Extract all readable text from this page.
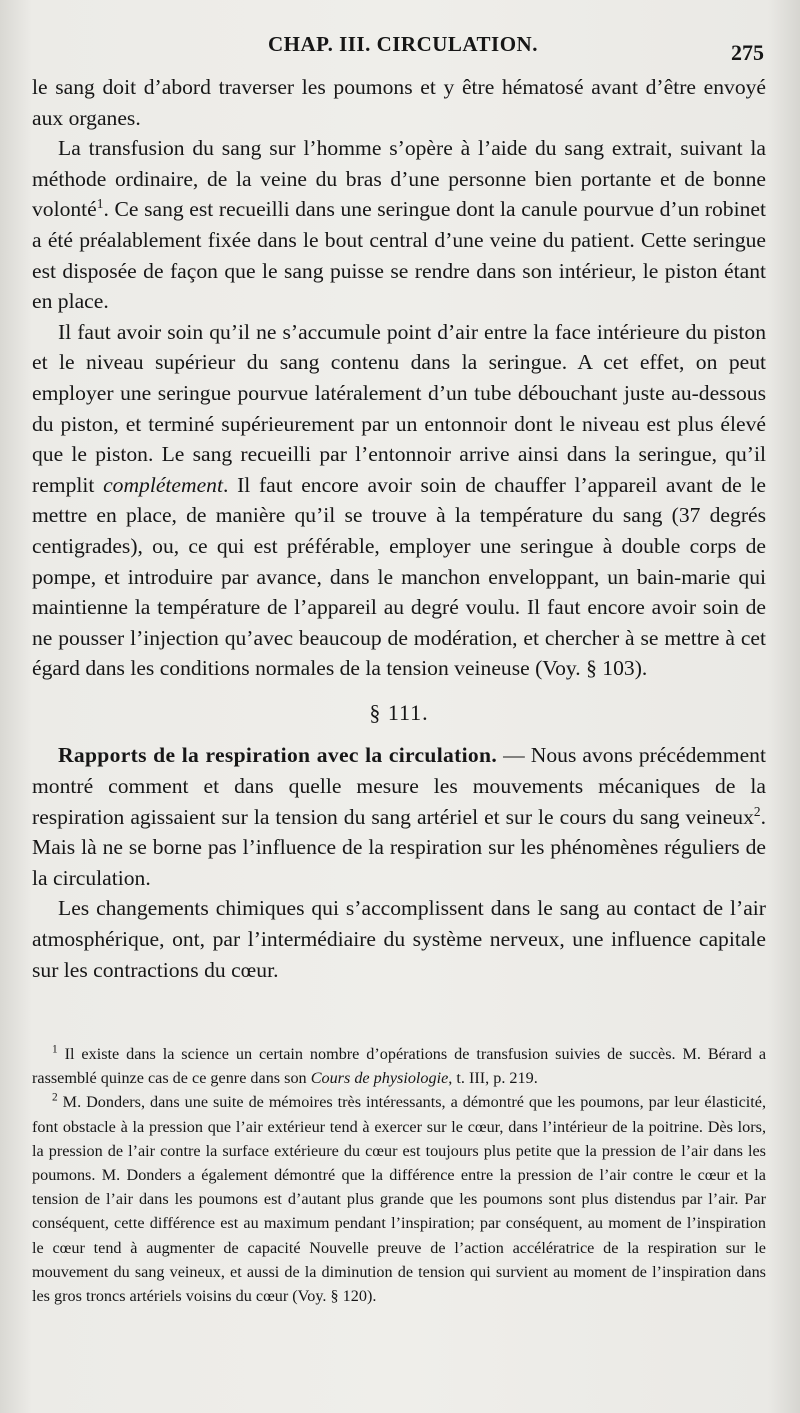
CHAP. III. CIRCULATION.	275

le sang doit d’abord traverser les poumons et y être hématosé avant d’être envoyé aux organes.

La transfusion du sang sur l’homme s’opère à l’aide du sang extrait, suivant la méthode ordinaire, de la veine du bras d’une personne bien portante et de bonne volonté$^1$. Ce sang est recueilli dans une seringue dont la canule pourvue d’un robinet a été préalablement fixée dans le bout central d’une veine du patient. Cette seringue est disposée de façon que le sang puisse se rendre dans son intérieur, le piston étant en place.

Il faut avoir soin qu’il ne s’accumule point d’air entre la face intérieure du piston et le niveau supérieur du sang contenu dans la seringue. A cet effet, on peut employer une seringue pourvue latéralement d’un tube débouchant juste au-dessous du piston, et terminé supérieurement par un entonnoir dont le niveau est plus élevé que le piston. Le sang recueilli par l’entonnoir arrive ainsi dans la seringue, qu’il remplit complétement. Il faut encore avoir soin de chauffer l’appareil avant de le mettre en place, de manière qu’il se trouve à la température du sang (37 degrés centigrades), ou, ce qui est préférable, employer une seringue à double corps de pompe, et introduire par avance, dans le manchon enveloppant, un bain-marie qui maintienne la température de l’appareil au degré voulu. Il faut encore avoir soin de ne pousser l’injection qu’avec beaucoup de modération, et chercher à se mettre à cet égard dans les conditions normales de la tension veineuse (Voy. § 103).

§ 111.

Rapports de la respiration avec la circulation. — Nous avons précédemment montré comment et dans quelle mesure les mouvements mécaniques de la respiration agissaient sur la tension du sang artériel et sur le cours du sang veineux$^2$. Mais là ne se borne pas l’influence de la respiration sur les phénomènes réguliers de la circulation.

Les changements chimiques qui s’accomplissent dans le sang au contact de l’air atmosphérique, ont, par l’intermédiaire du système nerveux, une influence capitale sur les contractions du cœur.

$^1$ Il existe dans la science un certain nombre d’opérations de transfusion suivies de succès. M. Bérard a rassemblé quinze cas de ce genre dans son Cours de physiologie, t. III, p. 219.

$^2$ M. Donders, dans une suite de mémoires très intéressants, a démontré que les poumons, par leur élasticité, font obstacle à la pression que l’air extérieur tend à exercer sur le cœur, dans l’intérieur de la poitrine. Dès lors, la pression de l’air contre la surface extérieure du cœur est toujours plus petite que la pression de l’air dans les poumons. M. Donders a également démontré que la différence entre la pression de l’air contre le cœur et la tension de l’air dans les poumons est d’autant plus grande que les poumons sont plus distendus par l’air. Par conséquent, cette différence est au maximum pendant l’inspiration; par conséquent, au moment de l’inspiration le cœur tend à augmenter de capacité Nouvelle preuve de l’action accélératrice de la respiration sur le mouvement du sang veineux, et aussi de la diminution de tension qui survient au moment de l’inspiration dans les gros troncs artériels voisins du cœur (Voy. § 120).
